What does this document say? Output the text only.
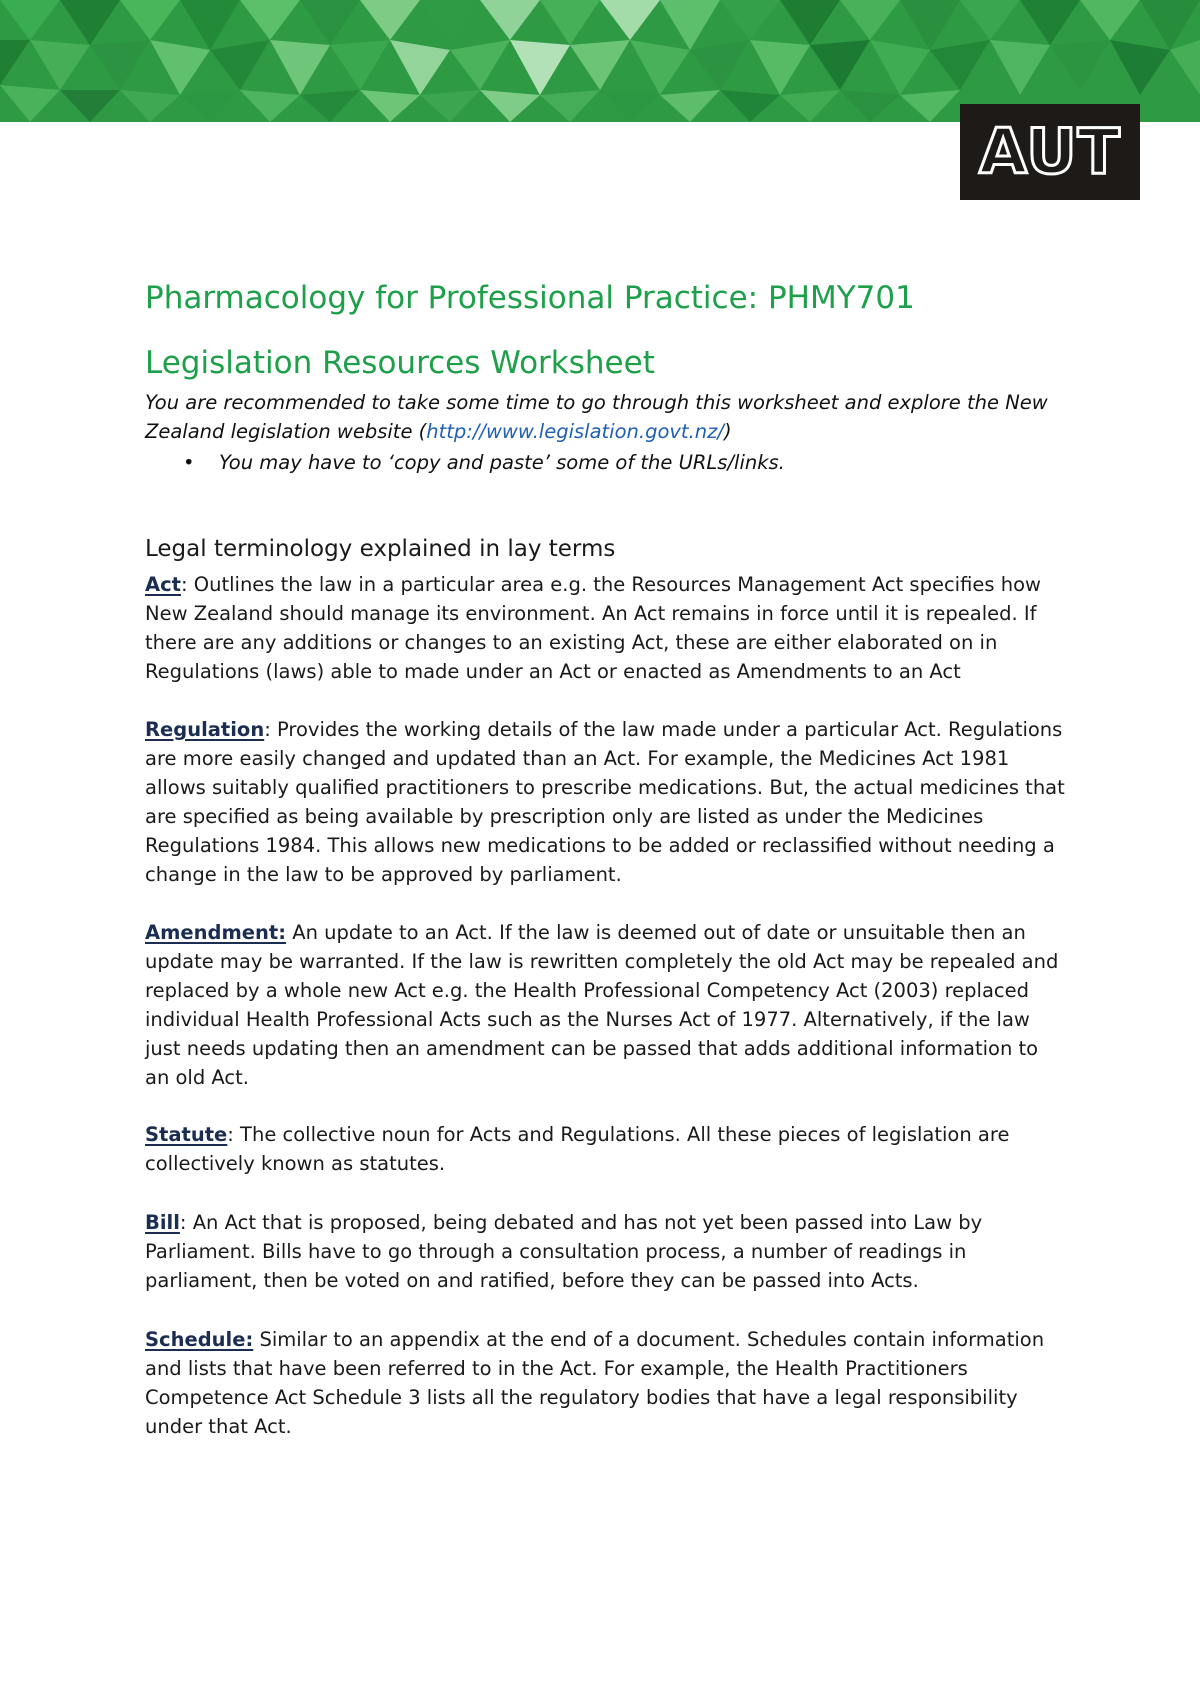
AUT
Pharmacology for Professional Practice: PHMY701
Legislation Resources Worksheet

You are recommended to take some time to go through this worksheet and explore the New Zealand legislation website (http://www.legislation.govt.nz/)

• You may have to ‘copy and paste’ some of the URLs/links.
Legal terminology explained in lay terms

Act: Outlines the law in a particular area e.g. the Resources Management Act specifies how New Zealand should manage its environment. An Act remains in force until it is repealed. If there are any additions or changes to an existing Act, these are either elaborated on in Regulations (laws) able to made under an Act or enacted as Amendments to an Act

Regulation: Provides the working details of the law made under a particular Act. Regulations are more easily changed and updated than an Act. For example, the Medicines Act 1981 allows suitably qualified practitioners to prescribe medications. But, the actual medicines that are specified as being available by prescription only are listed as under the Medicines Regulations 1984. This allows new medications to be added or reclassified without needing a change in the law to be approved by parliament.

Amendment: An update to an Act. If the law is deemed out of date or unsuitable then an update may be warranted. If the law is rewritten completely the old Act may be repealed and replaced by a whole new Act e.g. the Health Professional Competency Act (2003) replaced individual Health Professional Acts such as the Nurses Act of 1977. Alternatively, if the law just needs updating then an amendment can be passed that adds additional information to an old Act.

Statute: The collective noun for Acts and Regulations. All these pieces of legislation are collectively known as statutes.

Bill: An Act that is proposed, being debated and has not yet been passed into Law by Parliament. Bills have to go through a consultation process, a number of readings in parliament, then be voted on and ratified, before they can be passed into Acts.

Schedule: Similar to an appendix at the end of a document. Schedules contain information and lists that have been referred to in the Act. For example, the Health Practitioners Competence Act Schedule 3 lists all the regulatory bodies that have a legal responsibility under that Act.
